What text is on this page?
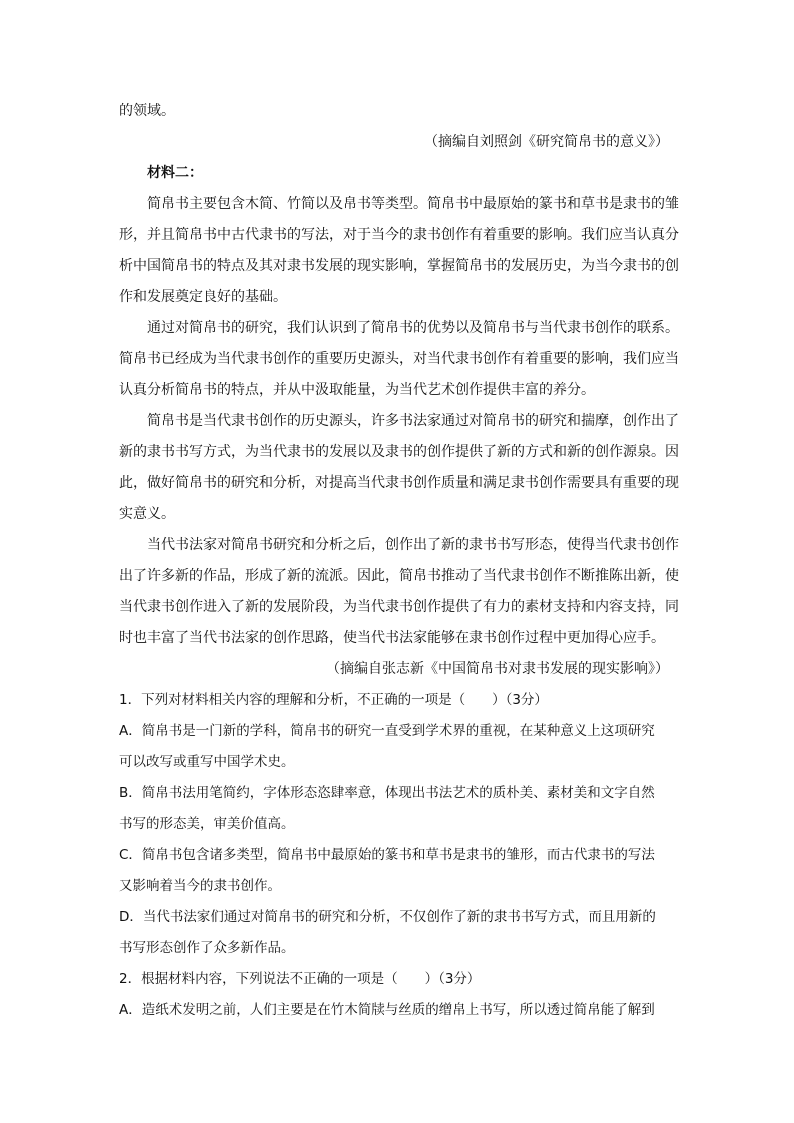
的领域。
（摘编自刘照剑《研究简帛书的意义》）
材料二：
简帛书主要包含木简、竹简以及帛书等类型。简帛书中最原始的篆书和草书是隶书的雏
形，并且简帛书中古代隶书的写法，对于当今的隶书创作有着重要的影响。我们应当认真分
析中国简帛书的特点及其对隶书发展的现实影响，掌握简帛书的发展历史，为当今隶书的创
作和发展奠定良好的基础。
通过对简帛书的研究，我们认识到了简帛书的优势以及简帛书与当代隶书创作的联系。
简帛书已经成为当代隶书创作的重要历史源头，对当代隶书创作有着重要的影响，我们应当
认真分析简帛书的特点，并从中汲取能量，为当代艺术创作提供丰富的养分。
简帛书是当代隶书创作的历史源头，许多书法家通过对简帛书的研究和揣摩，创作出了
新的隶书书写方式，为当代隶书的发展以及隶书的创作提供了新的方式和新的创作源泉。因
此，做好简帛书的研究和分析，对提高当代隶书创作质量和满足隶书创作需要具有重要的现
实意义。
当代书法家对简帛书研究和分析之后，创作出了新的隶书书写形态，使得当代隶书创作
出了许多新的作品，形成了新的流派。因此，简帛书推动了当代隶书创作不断推陈出新，使
当代隶书创作进入了新的发展阶段，为当代隶书创作提供了有力的素材支持和内容支持，同
时也丰富了当代书法家的创作思路，使当代书法家能够在隶书创作过程中更加得心应手。
（摘编自张志新《中国简帛书对隶书发展的现实影响》）
1．下列对材料相关内容的理解和分析，不正确的一项是（　　）（3分）
A．简帛书是一门新的学科，简帛书的研究一直受到学术界的重视，在某种意义上这项研究
可以改写或重写中国学术史。
B．简帛书法用笔简约，字体形态恣肆率意，体现出书法艺术的质朴美、素材美和文字自然
书写的形态美，审美价值高。
C．简帛书包含诸多类型，简帛书中最原始的篆书和草书是隶书的雏形，而古代隶书的写法
又影响着当今的隶书创作。
D．当代书法家们通过对简帛书的研究和分析，不仅创作了新的隶书书写方式，而且用新的
书写形态创作了众多新作品。
2．根据材料内容，下列说法不正确的一项是（　　）（3分）
A．造纸术发明之前，人们主要是在竹木简牍与丝质的缯帛上书写，所以透过简帛能了解到
